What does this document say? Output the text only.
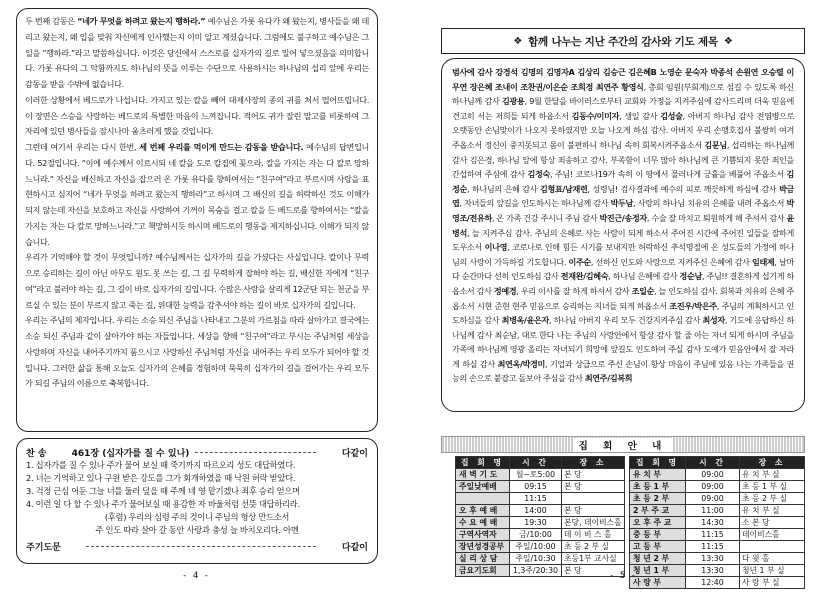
두 번째 감동은 “네가 무엇을 하려고 왔는지 행하라.” 예수님은 가롯 유다가 왜 왔는지, 병사들을 왜 데리고 왔는지, 왜 입을 맞춰 자신에게 인사했는지 이미 알고 계셨습니다. 그럼에도 불구하고 예수님은 그 일을 “행하라.”라고 말씀하십니다. 이것은 당신에서 스스로를 십자가의 길로 밀어 넣으셨음을 의미합니다. 가롯 유다의 그 악함까지도 하나님의 뜻을 이루는 수단으로 사용하시는 하나님의 섭리 앞에 우리는 감동을 받을 수밖에 없습니다.

이러한 상황에서 베드로가 나섭니다. 가지고 있는 칼을 빼어 대제사장의 종의 귀를 쳐서 떨어뜨립니다. 이 장면은 스승을 사랑하는 베드로의 특별한 마음이 느껴집니다. 적어도 귀가 잘린 말고를 비롯하여 그 자리에 있던 병사들을 잠시나마 움츠러게 했을 것입니다.

그런데 여기서 우리는 다시 한번, 세 번째 우리를 먹이게 만드는 감동을 받습니다. 예수님의 답변입니다. 52절입니다. “이에 예수께서 이르시되 네 칼을 도로 칼집에 꽂으라. 칼을 가지는 자는 다 칼로 망하느니라.” 자신을 배신하고 자신을 잡으러 온 가롯 유다를 향하여서는 “친구여”라고 부르시며 사랑을 표현하시고 심지어 “네가 무엇을 하려고 왔는지 행하라”고 하시며 그 배신의 길을 허락하신 것도 이해가 되지 않는데 자신을 보호하고 자신을 사랑하여 기꺼이 목숨을 걸고 칼을 든 베드로를 향하여서는 “칼을 가지는 자는 다 칼로 망하느니라.”고 책망하시듯 하시며 베드로의 행동을 제지하십니다. 이해가 되지 않습니다.

우리가 기억해야 할 것이 무엇입니까? 예수님께서는 십자가의 길을 가셨다는 사실입니다. 칼이나 무력으로 승리하는 길이 아닌 아무도 원도 못 쓰는 길, 그 길 무력하게 잡혀야 하는 길, 배신한 자에게 “친구여”라고 불러야 하는 길, 그 길이 바로 십자가의 길입니다. 수많은 사람을 살리게 12군단 되는 천군을 부르실 수 있는 분이 부르지 않고 죽는 길, 위대한 능력을 감추셔야 하는 길이 바로 십자가의 길입니다.

우리는 주님의 제자입니다. 우리는 소승 되신 주님을 나타내고 그분의 가르침을 따라 살아가고 결국에는 소승 되신 주님과 같이 살아가야 하는 자들입니다. 세상을 향해 “친구여”라고 부시는 주님처럼 세상을 사랑하며 자신을 내어주기까지 품으시고 사랑하신 주님처럼 자신을 내어주는 우리 모두가 되어야 할 것입니다. 그러한 삶을 통해 오늘도 십자가의 은혜를 경험하며 묵묵히 십자가의 길을 걸어가는 우리 모두가 되길 주님의 이름으로 축복합니다.

찬 송	461장 (십자가를 질 수 있나)	다같이
1. 십자가를 질 수 있나 주가 물어 보실 때 죽기까지 따르오리 성도 대답하였다.
2. 너는 기억하고 있나 구원 받은 강도를 그가 회개하였을 때 낙원 허락 받았다.
3. 걱정 근심 어둔 그늘 너를 둘러 덮을 때 주께 네 영 맡기겠나 죄후 승리 얻으며
4. 이런 일 다 할 수 있나 주가 물어보실 때 용감한 자 바울처럼 선뜻 대답하리라.
(후렴) 우리의 심령 주의 것이니 주님의 형상 만드소서
주 인도 따라 살아 갈 동안 사랑과 충성 늘 바치오리다. 아멘
주기도문	다같이
- 4 -
❖ 함께 나누는 지난 주간의 감사와 기도 제목 ❖
범사에 감사 강경석 김명의 김명자A 김상리 김승근 김은혜B 노영순 문숙자 박종석 손원연 오승렬 이무연 장은혜 조내이 조찬권/이은순 조희정 최연주 황영식, 총회 임원(부회계)으로 섬길 수 있도록 하신 하나님께 감사 김광용, 9월 한달을 바이러스로부터 교회와 가정을 지켜주심에 감사드리며 더욱 믿음에 견고히 서는 저희들 되게 하옵소서 김동수/이미자, 생일 감사 김성술, 아버지 하나님 감사 전염병으로 오랫동안 손님맞이가 나오지 못하였지만 오늘 나오게 하심 감사. 아버지 우리 손맹호집사 불쌍히 여겨주옵소서 정신이 중지못되고 몸이 불편하니 하나님 속히 회복시켜주옵소서 김문님, 섭리하는 하나님께 감사 김은경, 하나님 앞에 항상 죄송하고 감사. 부족함이 너무 많아 하나님께 큰 기쁨되지 못한 죄인을 간섭하여 주심에 감사 김정숙, 주님! 코로나19가 속히 이 땅에서 물러나게 긍휼을 베풀어 주옵소서 김정순, 하나님의 은혜 감사 김형표/남재련, 성령님! 검사결과에 예수의 피로 깨끗하게 하심에 감사 박금엽, 자녀들의 앞길을 인도하시는 하나님께 감사 박두남, 사랑의 하나님 치유의 은혜를 내려 주옵소서 박영조/전유하, 온 가족 건강 주시니 주님 감사 박진근/송정자, 수술 잘 마치고 퇴원하게 해 주셔서 감사 윤병석, 늘 지켜주심 감사. 주님의 은혜로 사는 사람이 되게 하소서 주어진 시간에 주어진 일들을 잘하게 도우소서 이나영, 코로나로 인해 힘든 시기를 보내지만 허락하신 추석명절에 온 성도들의 가정에 하나님의 사랑이 가득하길 기도합니다. 이주순, 선하신 인도와 사랑으로 지켜주신 은혜에 감사 임태제, 날마다 순간마다 선히 인도하심 감사 전재완/김혜숙, 하나님 은혜에 감사 정순남, 주님!! 결혼하게 섭기게 하옵소서 감사 정예경, 우리 이사를 잘 하게 하셔서 감사 조일순, 늘 인도하심 감사. 회복과 치유의 은혜 주옵소서 시현 준현 현주 믿음으로 승리하는 지녀들 되게 하옵소서 조진우/박은주, 주님의 계획하시고 인도하심을 감사 최병옥/윤은자, 하나님 아버지 우리 모두 건강지켜주심 감사 최성자, 기도에 응답하신 하나님께 감사 최순남, 대로 한다 나는 주님의 사랑안에서 항상 감사 할 줄 아는 자녀 되게 하시며 주님을 가족에 하나님께 영광 올리는 자녀되기 희망에 앞길도 인도하여 주실 감사 도예가 믿음안에서 잘 자라게 하실 감사 최연옥/박경미, 기업과 상급으로 주신 손님이 항상 마음이 주님에 있음 나는 가족들을 권능의 손으로 붙잡고 돌보아 주심을 감사 최연주/김복희
집 회 안 내
집 회 명	시 간	장 소
새 벽 기 도	월~토5:00	본 당
주일낮예배	09:15	본 당
	11:15	
오 후 예 배	14:00	본 당
수 요 예 배	19:30	본당, 데이비스홀
구역사역자	금/10:00	데 이 비 스 홀
장년성경공부	주일/10:00	초 등 2 부 실
실 리 상 담	주일/10:30	초등1부 교사실
금요기도회	1,3주/20:30	본 당
집 회 명	시 간	장 소
유 치 부	09:00	유 치 부 실
초 등 1 부	09:00	초 등 1 부 실
초 등 2 부	09:00	초 등 2 부 실
2 부 주 교	11:00	유 치 부 실
오 후 주 교	14:30	소 본 당
중 등 부	11:15	데이비스홀
고 등 부	11:15	
청 년 2 부	13:30	다 윗 홀
청 년 1 부	13:30	청년 1 부 실
사 랑 부	12:40	사 랑 부 실
- 5 -
